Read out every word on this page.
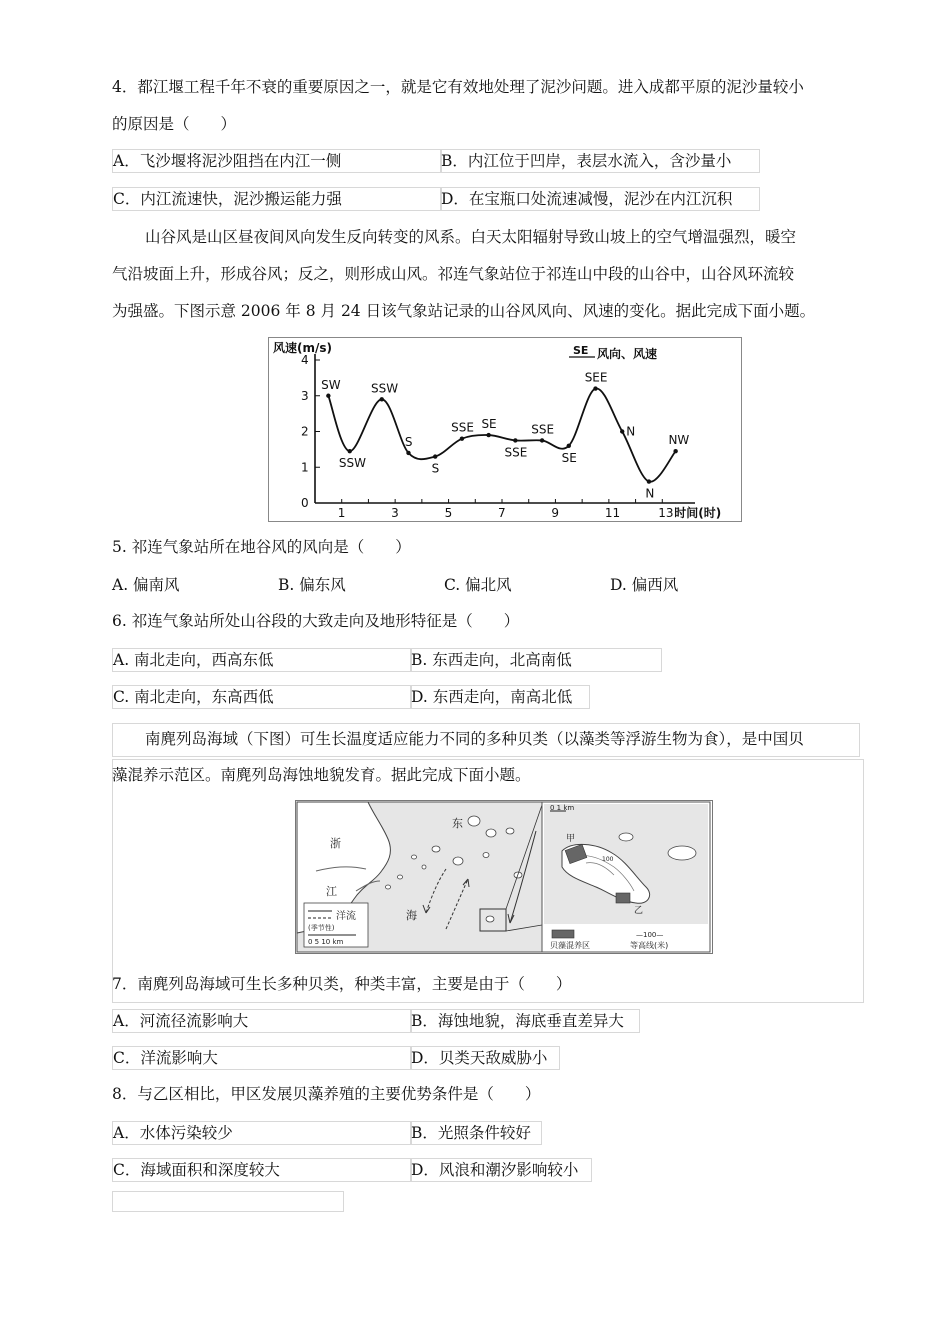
4．都江堰工程千年不衰的重要原因之一，就是它有效地处理了泥沙问题。进入成都平原的泥沙量较小
的原因是（　　）
A．飞沙堰将泥沙阻挡在内江一侧	B．内江位于凹岸，表层水流入，含沙量小
C．内江流速快，泥沙搬运能力强	D．在宝瓶口处流速减慢，泥沙在内江沉积
山谷风是山区昼夜间风向发生反向转变的风系。白天太阳辐射导致山坡上的空气增温强烈，暖空
气沿坡面上升，形成谷风；反之，则形成山风。祁连气象站位于祁连山中段的山谷中，山谷风环流较
为强盛。下图示意 2006 年 8 月 24 日该气象站记录的山谷风风向、风速的变化。据此完成下面小题。
0
1
2
3
4
1	3	5	7	9	11	13
风速(m/s)
时间(时)
SE 风向、风速
SW
SSW
SSW
S
S
SSE SE
SSE
SSE
SE
SEE
N
N
NW
5. 祁连气象站所在地谷风的风向是（　　）
A. 偏南风	B. 偏东风	C. 偏北风	D. 偏西风
6. 祁连气象站所处山谷段的大致走向及地形特征是（　　）
A. 南北走向，西高东低	B. 东西走向，北高南低
C. 南北走向，东高西低	D. 东西走向，南高北低
南麂列岛海域（下图）可生长温度适应能力不同的多种贝类（以藻类等浮游生物为食），是中国贝
藻混养示范区。南麂列岛海蚀地貌发育。据此完成下面小题。
浙
江
东
海
洋流
(季节性)
0 5 10 km
0 1 km
甲
乙
100
贝藻混养区
—100—
等高线(米)
7．南麂列岛海域可生长多种贝类，种类丰富，主要是由于（　　）
A．河流径流影响大	B．海蚀地貌，海底垂直差异大
C．洋流影响大	D．贝类天敌威胁小
8．与乙区相比，甲区发展贝藻养殖的主要优势条件是（　　）
A．水体污染较少	B．光照条件较好
C．海域面积和深度较大	D．风浪和潮汐影响较小
